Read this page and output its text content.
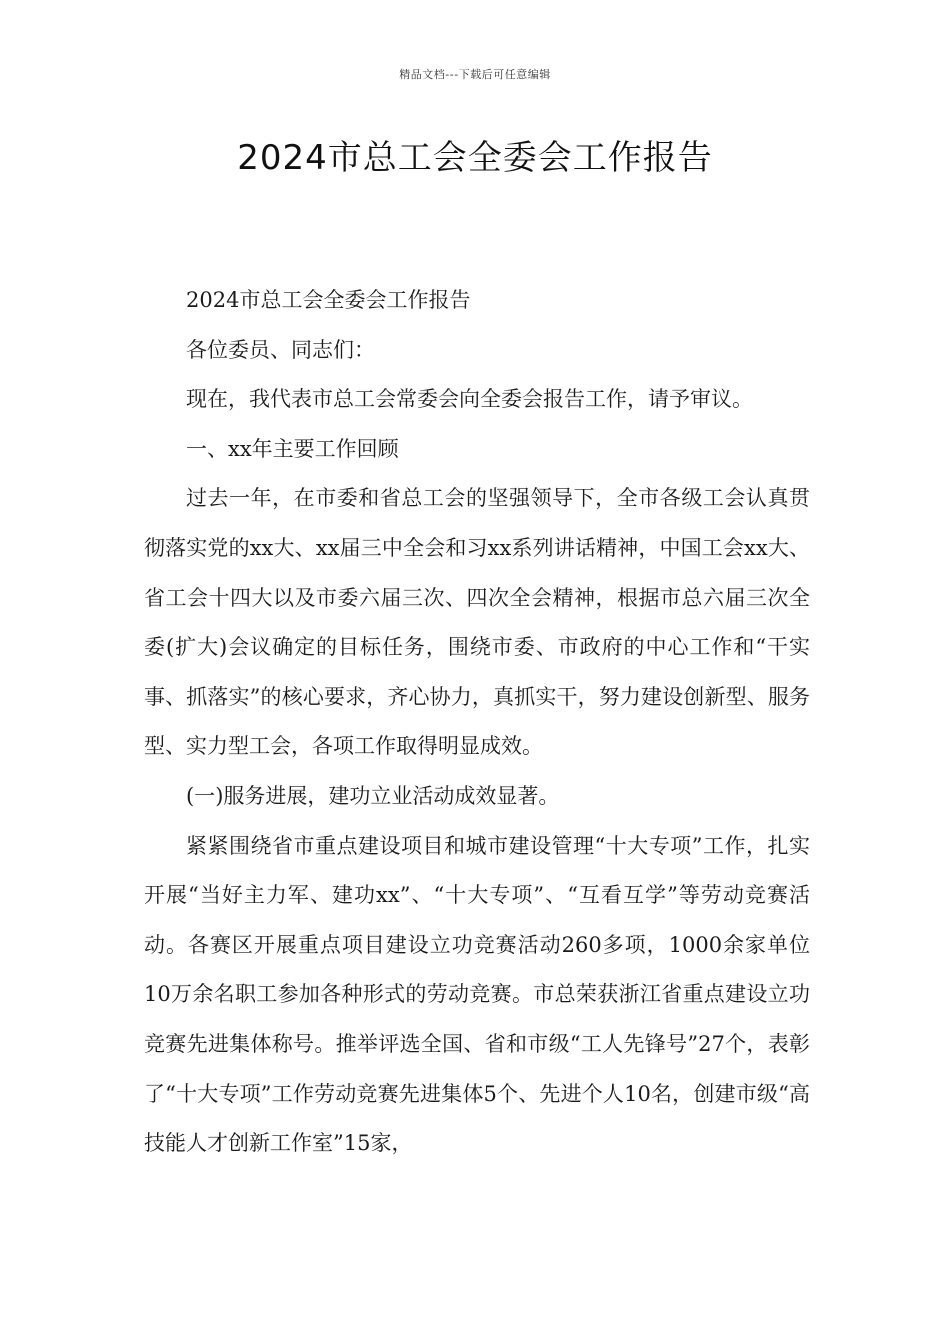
精品文档---下载后可任意编辑
2024市总工会全委会工作报告

2024市总工会全委会工作报告

各位委员、同志们：

现在，我代表市总工会常委会向全委会报告工作，请予审议。

一、xx年主要工作回顾

过去一年，在市委和省总工会的坚强领导下，全市各级工会认真贯彻落实党的xx大、xx届三中全会和习xx系列讲话精神，中国工会xx大、省工会十四大以及市委六届三次、四次全会精神，根据市总六届三次全委(扩大)会议确定的目标任务，围绕市委、市政府的中心工作和“干实事、抓落实”的核心要求，齐心协力，真抓实干，努力建设创新型、服务型、实力型工会，各项工作取得明显成效。

(一)服务进展，建功立业活动成效显著。

紧紧围绕省市重点建设项目和城市建设管理“十大专项”工作，扎实开展“当好主力军、建功xx”、“十大专项”、“互看互学”等劳动竞赛活动。各赛区开展重点项目建设立功竞赛活动260多项，1000余家单位10万余名职工参加各种形式的劳动竞赛。市总荣获浙江省重点建设立功竞赛先进集体称号。推举评选全国、省和市级“工人先锋号”27个，表彰了“十大专项”工作劳动竞赛先进集体5个、先进个人10名，创建市级“高技能人才创新工作室”15家，
